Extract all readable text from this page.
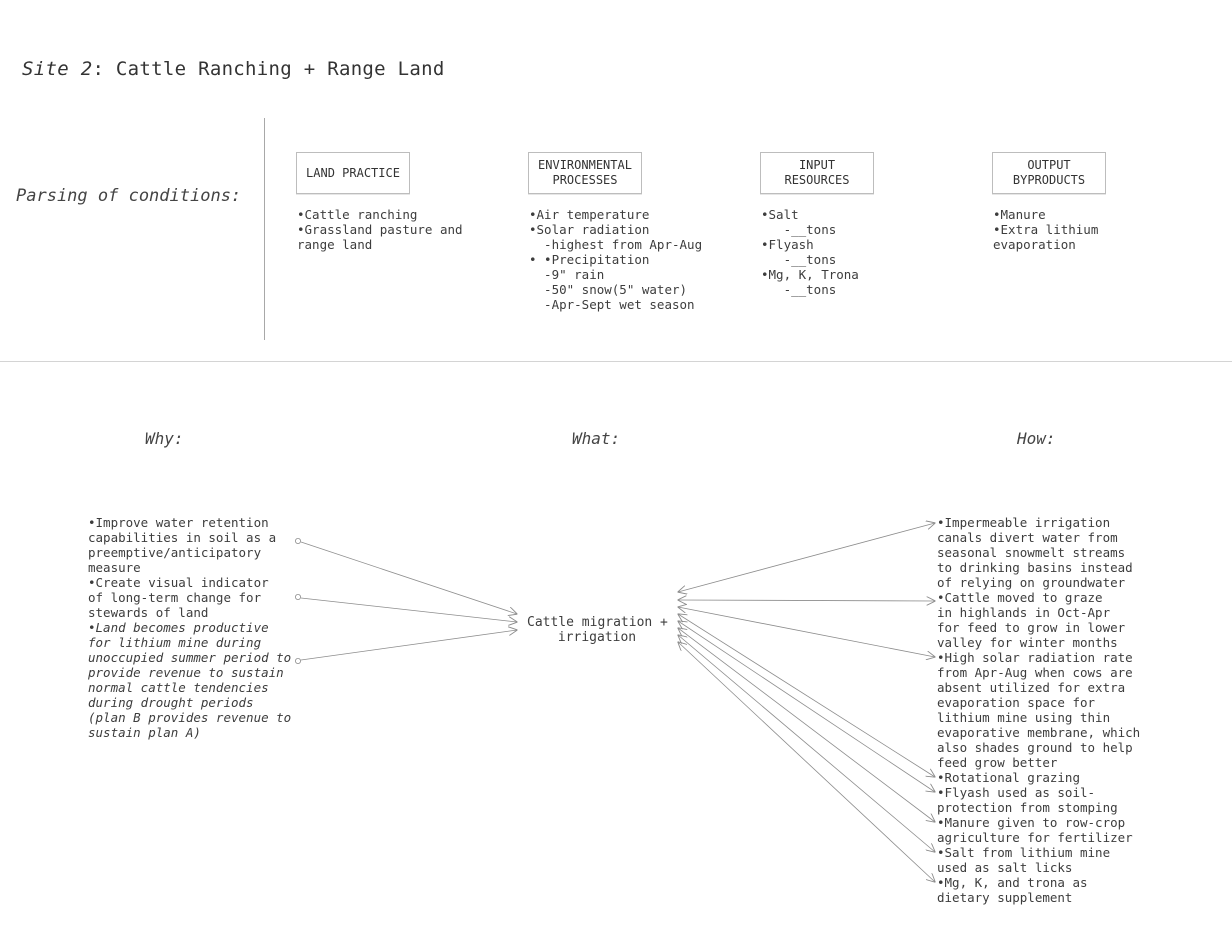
Site 2: Cattle Ranching + Range Land
Parsing of conditions:
LAND PRACTICE
ENVIRONMENTAL
PROCESSES
INPUT
RESOURCES
OUTPUT
BYPRODUCTS
•Cattle ranching
•Grassland pasture and
range land
•Air temperature
•Solar radiation
-highest from Apr-Aug
• •Precipitation
-9" rain
-50" snow(5" water)
-Apr-Sept wet season
•Salt
-__tons
•Flyash
-__tons
•Mg, K, Trona
-__tons
•Manure
•Extra lithium
evaporation
Why:	What:	How:
•Improve water retention
capabilities in soil as a
preemptive/anticipatory
measure
•Create visual indicator
of long-term change for
stewards of land
•Land becomes productive
for lithium mine during
unoccupied summer period to
provide revenue to sustain
normal cattle tendencies
during drought periods
(plan B provides revenue to
sustain plan A)
Cattle migration +
irrigation
•Impermeable irrigation
canals divert water from
seasonal snowmelt streams
to drinking basins instead
of relying on groundwater
•Cattle moved to graze
in highlands in Oct-Apr
for feed to grow in lower
valley for winter months
•High solar radiation rate
from Apr-Aug when cows are
absent utilized for extra
evaporation space for
lithium mine using thin
evaporative membrane, which
also shades ground to help
feed grow better
•Rotational grazing
•Flyash used as soil-
protection from stomping
•Manure given to row-crop
agriculture for fertilizer
•Salt from lithium mine
used as salt licks
•Mg, K, and trona as
dietary supplement
